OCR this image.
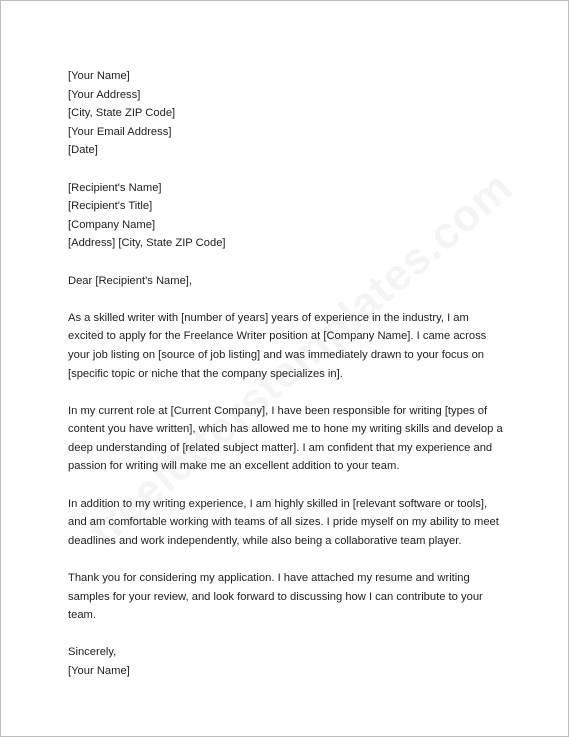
[Your Name]
[Your Address]
[City, State ZIP Code]
[Your Email Address]
[Date]
[Recipient's Name]
[Recipient's Title]
[Company Name]
[Address] [City, State ZIP Code]
Dear [Recipient's Name],
As a skilled writer with [number of years] years of experience in the industry, I am
excited to apply for the Freelance Writer position at [Company Name]. I came across
your job listing on [source of job listing] and was immediately drawn to your focus on
[specific topic or niche that the company specializes in].
In my current role at [Current Company], I have been responsible for writing [types of
content you have written], which has allowed me to hone my writing skills and develop a
deep understanding of [related subject matter]. I am confident that my experience and
passion for writing will make me an excellent addition to your team.
In addition to my writing experience, I am highly skilled in [relevant software or tools],
and am comfortable working with teams of all sizes. I pride myself on my ability to meet
deadlines and work independently, while also being a collaborative team player.
Thank you for considering my application. I have attached my resume and writing
samples for your review, and look forward to discussing how I can contribute to your
team.
Sincerely,
[Your Name]
